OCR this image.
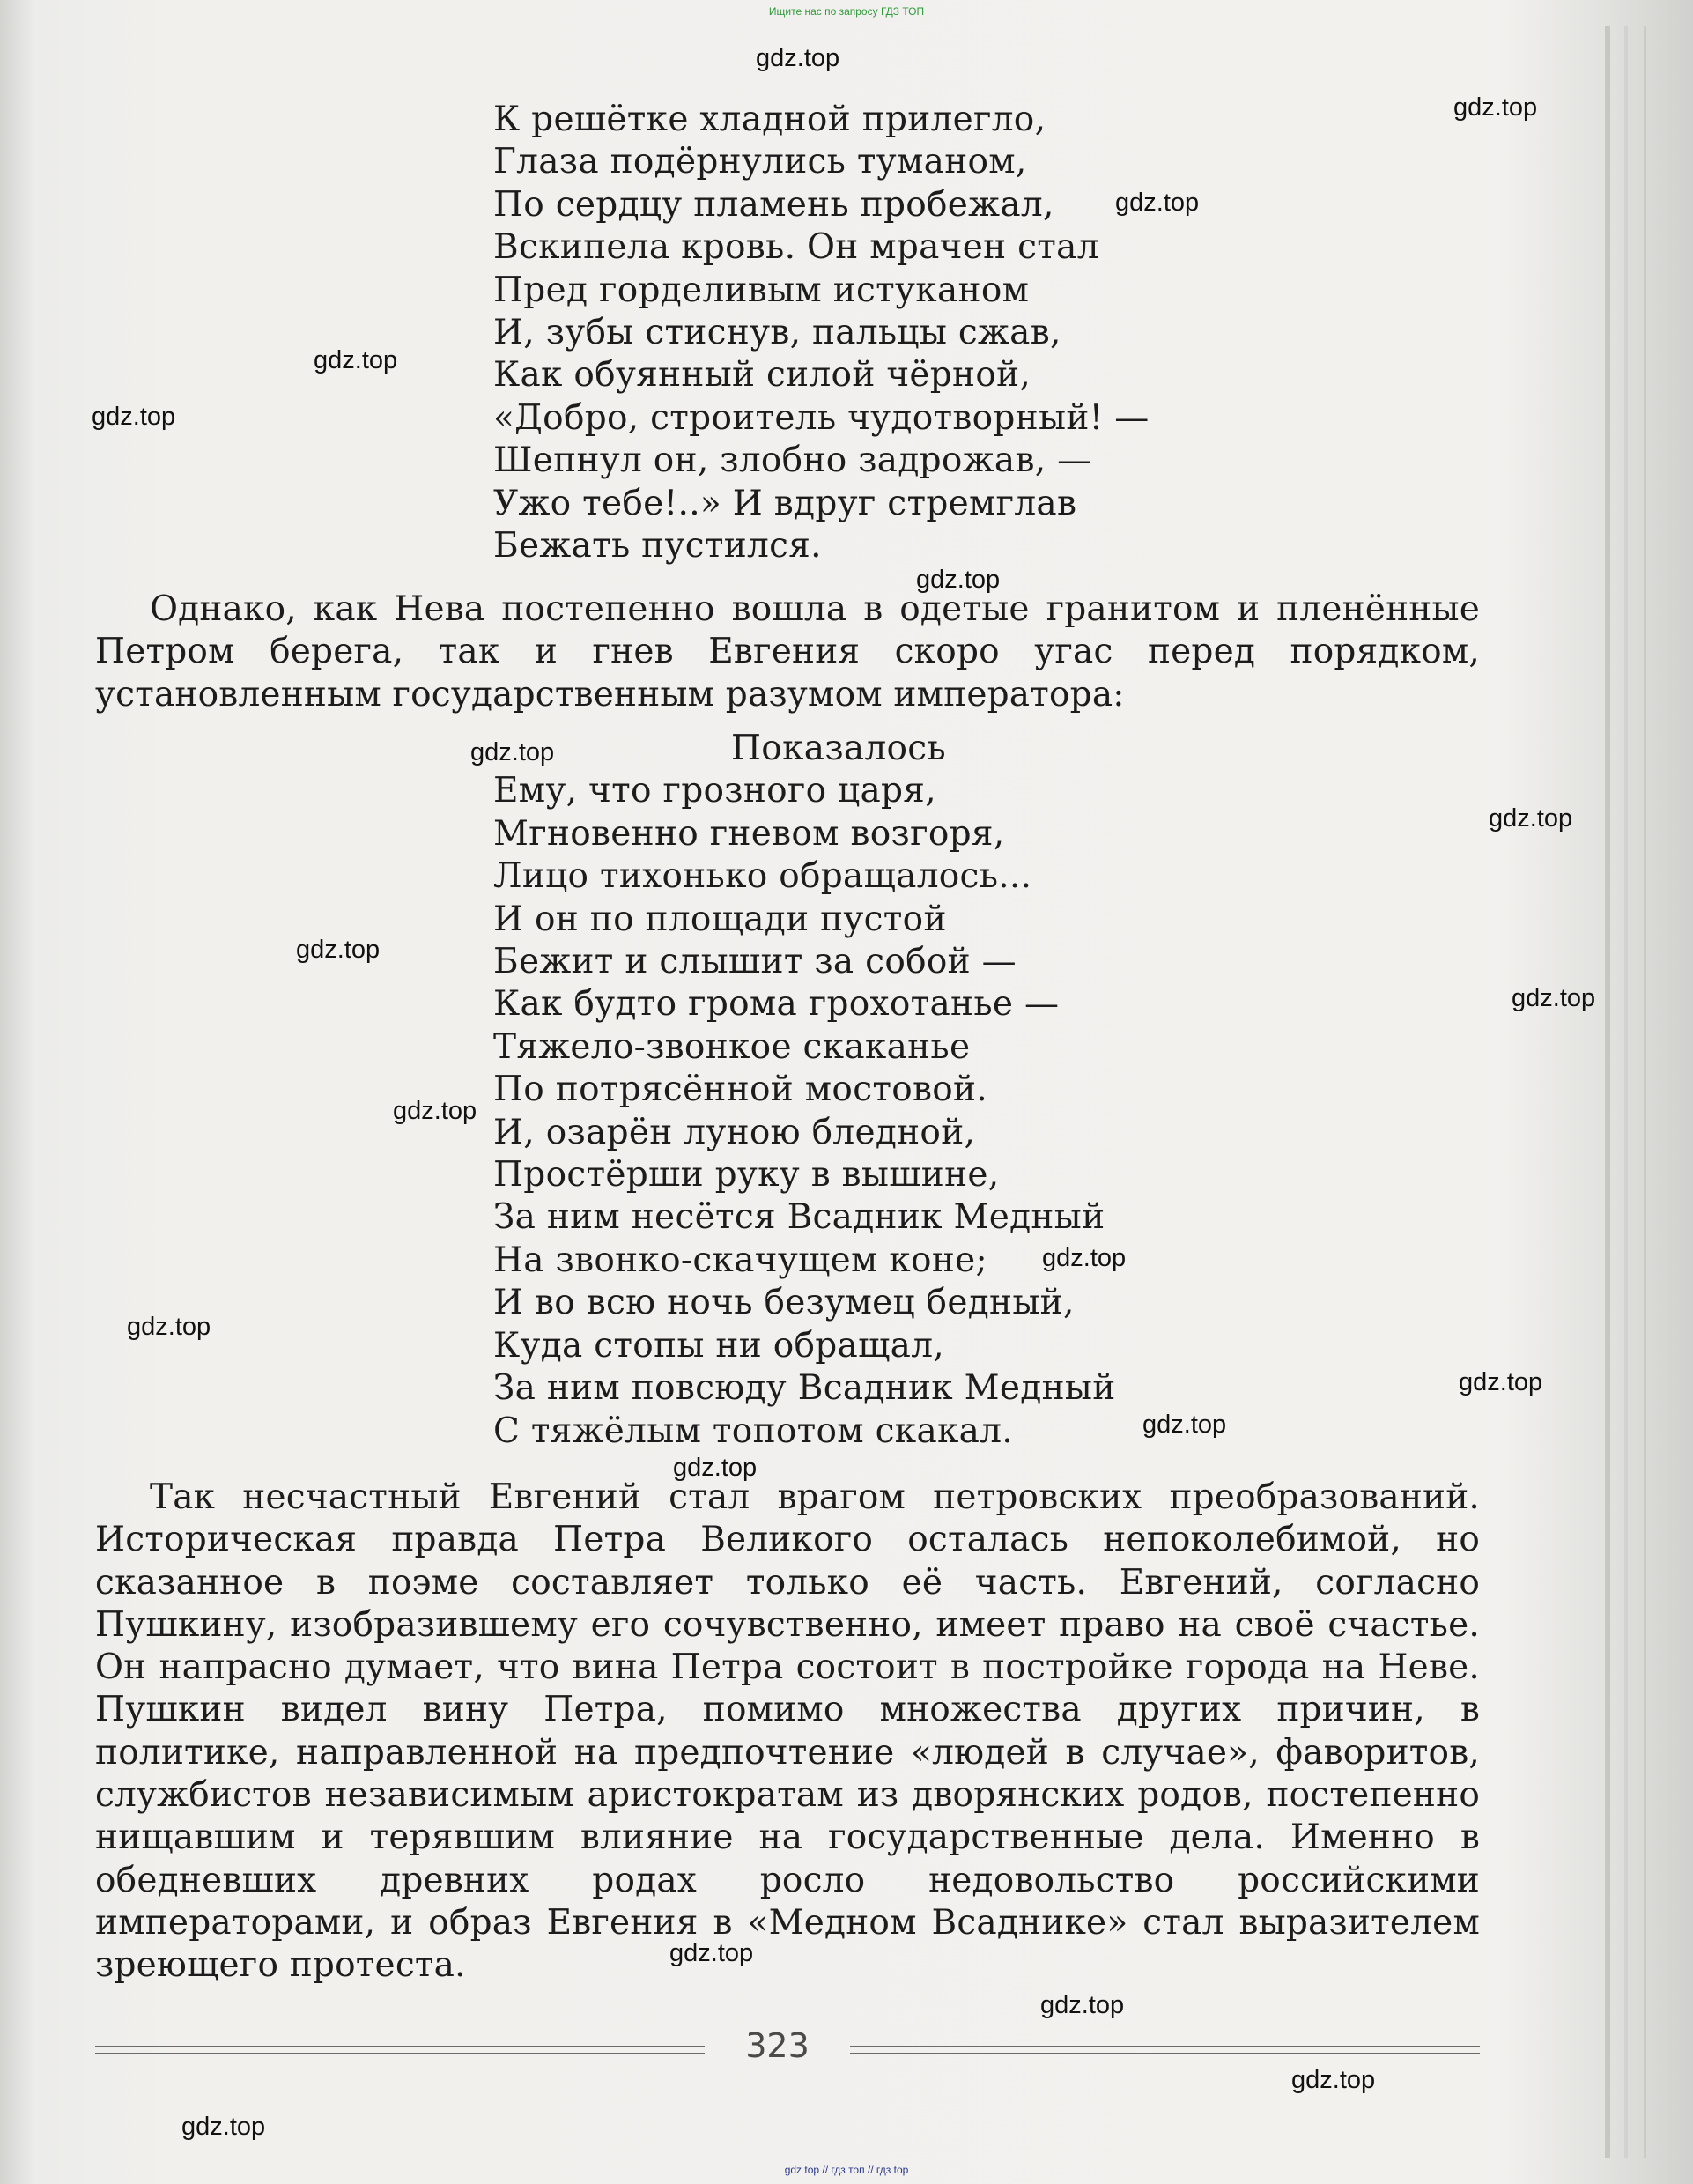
Ищите нас по запросу ГДЗ ТОП
К решётке хладной прилегло,
Глаза подёрнулись туманом,
По сердцу пламень пробежал,
Вскипела кровь. Он мрачен стал
Пред горделивым истуканом
И, зубы стиснув, пальцы сжав,
Как обуянный силой чёрной,
«Добро, строитель чудотворный! —
Шепнул он, злобно задрожав, —
Ужо тебе!..» И вдруг стремглав
Бежать пустился.

Однако, как Нева постепенно вошла в одетые гранитом и пленённые Петром берега, так и гнев Евгения скоро угас перед порядком, установленным государственным разумом императора:

Показалось
Ему, что грозного царя,
Мгновенно гневом возгоря,
Лицо тихонько обращалось...
И он по площади пустой
Бежит и слышит за собой —
Как будто грома грохотанье —
Тяжело-звонкое скаканье
По потрясённой мостовой.
И, озарён луною бледной,
Простёрши руку в вышине,
За ним несётся Всадник Медный
На звонко-скачущем коне;
И во всю ночь безумец бедный,
Куда стопы ни обращал,
За ним повсюду Всадник Медный
С тяжёлым топотом скакал.

Так несчастный Евгений стал врагом петровских преобразований. Историческая правда Петра Великого осталась непоколебимой, но сказанное в поэме составляет только её часть. Евгений, согласно Пушкину, изобразившему его сочувственно, имеет право на своё счастье. Он напрасно думает, что вина Петра состоит в постройке города на Неве. Пушкин видел вину Петра, помимо множества других причин, в политике, направленной на предпочтение «людей в случае», фаворитов, службистов независимым аристократам из дворянских родов, постепенно нищавшим и терявшим влияние на государственные дела. Именно в обедневших древних родах росло недовольство российскими императорами, и образ Евгения в «Медном Всаднике» стал выразителем зреющего протеста.

323
gdz top // гдз топ // гдз top
gdz.top
gdz.top
gdz.top
gdz.top
gdz.top
gdz.top
gdz.top
gdz.top
gdz.top
gdz.top
gdz.top
gdz.top
gdz.top
gdz.top
gdz.top
gdz.top
gdz.top
gdz.top
gdz.top
gdz.top
